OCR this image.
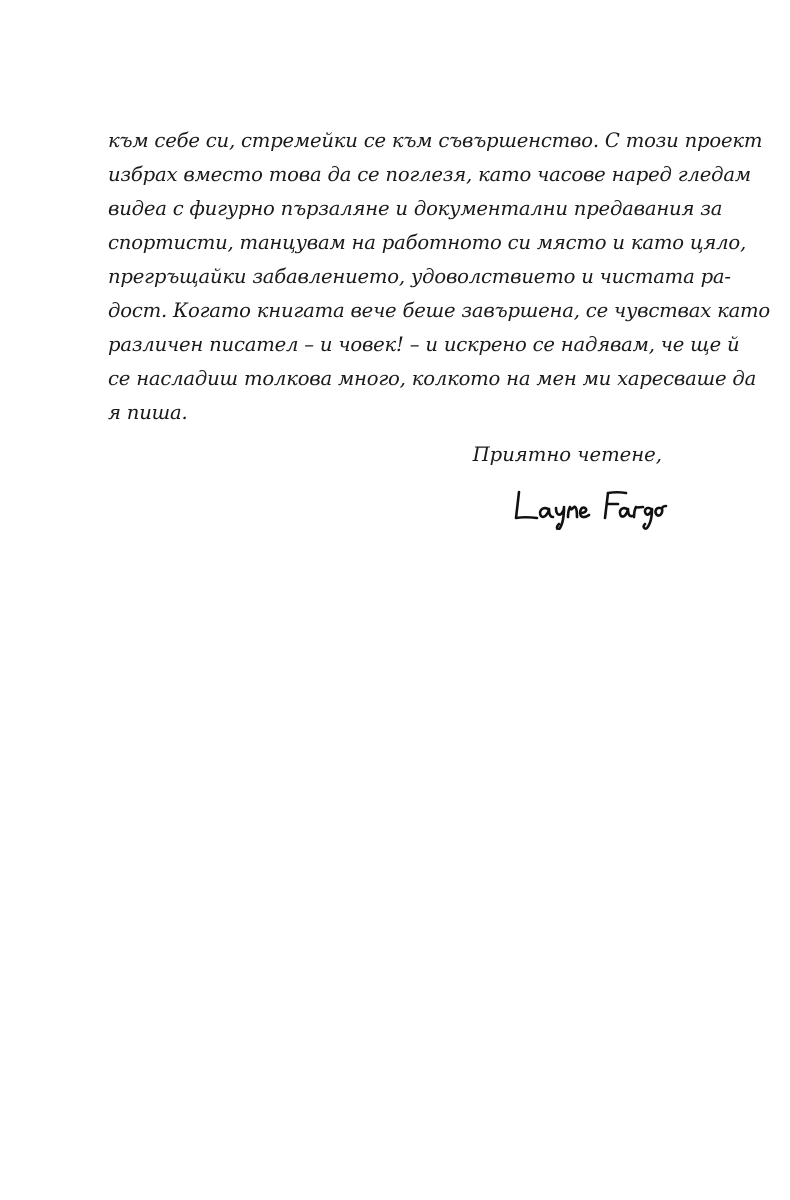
към себе си, стремейки се към съвършенство. С този проект
избрах вместо това да се поглезя, като часове наред гледам
видеа с фигурно пързаляне и документални предавания за
спортисти, танцувам на работното си място и като цяло,
прегръщайки забавлението, удоволствието и чистата ра-
дост. Когато книгата вече беше завършена, се чувствах като
различен писател – и човек! – и искрено се надявам, че ще й
се насладиш толкова много, колкото на мен ми харесваше да
я пиша.
Приятно четене,
